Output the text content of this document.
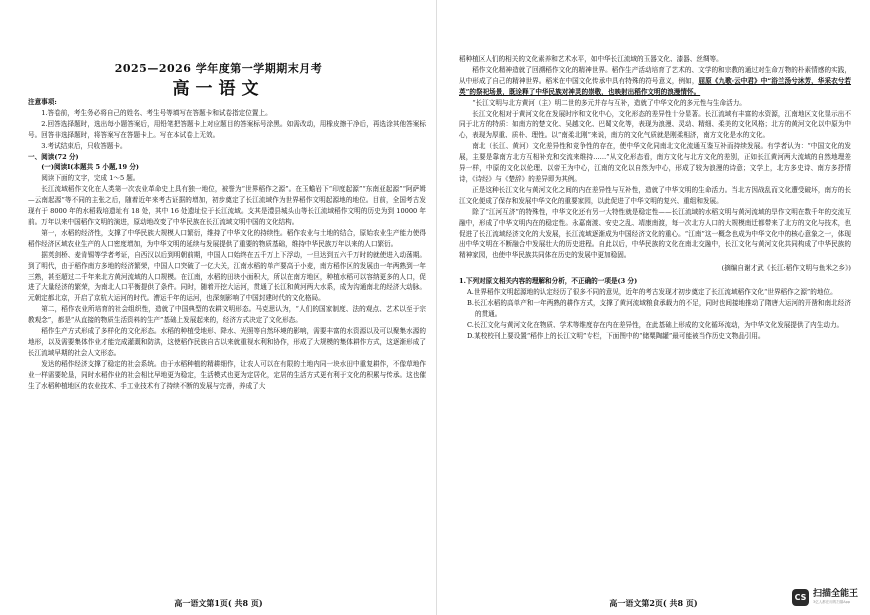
2025—2026 学年度第一学期期末月考
高一语文

注意事项:

1.答卷前，考生务必将自己的姓名、考生号等填写在答题卡和试卷指定位置上。

2.回答选择题时，选出每小题答案后，用铅笔把答题卡上对应题目的答案标号涂黑。如需改动，用橡皮擦干净后，再选涂其他答案标号。回答非选择题时，将答案写在答题卡上。写在本试卷上无效。

3.考试结束后，只收答题卡。

一、阅读(72 分)

(一)阅读Ⅰ(本题共 5 小题,19 分)

阅读下面的文字，完成 1～5 题。

长江流域稻作文化在人类第一次农业革命史上具有独一地位，被誉为“世界稻作之源”。在玉蟾岩下“印度起源”“东南亚起源”“阿萨姆—云南起源”等不同的主张之后，随着近年来考古证据的增加，初步奠定了长江流域作为世界稻作文明起源地的地位。目前，全国考古发现有于 8000 年的水稻栽培遗址有 18 处，其中 16 处遗址位于长江流域。支其是澧县城头山等长江流域稻作文明的历史为到 10000 年前。万年以来中国稻作文明的演进，原动地改变了中华民族在长江流域文明中国的文化结构。

第一，水稻的经济性，支撑了中华民族大规模人口繁衍，维持了中华文化的持续性。稻作农业与土地的结合，原始农业生产能力使得稻作经济区域农业生产的人口密度增加，为中华文明的延续与发展提供了重要的物质基础，维持中华民族万年以来的人口繁衍。

据英剑桥、麦肯锡等学者考证，自西汉以后到明朝前期，中国人口始终在五千万上下浮动，一旦达到五六千万时的就使进入动荡期。到了明代，由于稻作南方多地的经济繁荣，中国人口突破了一亿大关，江南水稻的单产要高于小麦，南方稻作区的发展由一年两熟到一年三熟，甚至超过二千年来北方黄河流域的人口规模。在江南，水稻的田块小面积大，所以在南方地区，种植水稻可以容纳更多的人口，促进了大量经济的繁荣，为南北人口平衡提供了条件。同时，随着开挖大运河，贯通了长江和黄河两大水系，成为沟通南北的经济大动脉。元朝定都北京，开启了京杭大运河的时代。漕运千年的运河，也深刻影响了中国封建时代的文化格局。

第二，稻作农业所培育的社会组织性，造就了中国典型的农耕文明形态。马克思认为，“人们的国家制度、法的观点、艺术以至于宗教观念”，都是“从直接的物质生活资料的生产”基础上发展起来的，经济方式决定了文化形态。

稻作生产方式形成了多样化的文化形态。水稻的种植受地形、降水、光照等自然环境的影响，需要丰富的水资源以及可以聚集水源的地形，以及需要集体作业才能完成灌溉和防洪，这使稻作民族自古以来就重视水利和协作，形成了大规模的集体耕作方式，这逐渐形成了长江流域早期的社会人文形态。

发达的稻作经济支撑了稳定的社会系统。由于水稻种植的精耕细作，让农人可以在有限的土地内同一块水田中重复耕作，不像草地作业一样需要轮垦，同时水稻作业的社会相比早地更为稳定，生活模式也更为定居化，定居的生活方式更有利于文化的积累与传承。这也催生了水稻种植地区的农业技术、手工业技术有了持续不断的发展与完善，养成了大

高一语文第1页( 共8 页)

稻种植区人们的相关的文化素养和艺术水平，如中华长江流域的玉器文化、漆器、丝绸等。

稻作文化精神造就了回溯稻作文化的精神世界。稻作生产活动培育了艺术的、文学的和宗教的通过对生命万物的朴素情感的实践，从中形成了自己的精神世界。稻米在中国文化传承中具有特殊的符号意义，例如，屈原《九歌·云中君》中“浴兰汤兮沐芳，华采衣兮若英”的祭祀场景，既诠释了中华民族对神灵的崇敬，也映射出稻作文明的浪漫情怀。

“长江文明与北方黄河（主）明二世的多元并存与互补，造就了中华文化的多元性与生命活力。

长江文化相对于黄河文化在发展时序和文化中心，文化形态的差异性十分显著。长江流域有丰富的水资源，江南地区文化显示出不同于北方的特质：如南方的楚文化、吴越文化、巴蜀文化等，表现为浪漫、灵动、精细、柔美的文化风格；北方的黄河文化以中原为中心，表现为厚重、质朴、理性。以“南柔北刚”来说，南方的文化气质就是刚柔相济，南方文化是水的文化。

南北（长江、黄河）文化差异性和竞争性的存在，使中华文化同南北文化流通互鉴互补而持续发展。有学者认为：“中国文化的发展，主要是靠南方北方互相补充和交流来维持……”从文化形态看，南方文化与北方文化的差别，正如长江黄河两大流域的自然地理差异一样，中原的文化以伦理、以帝王为中心，江南的文化以自然为中心，形成了较为浪漫的诗意；文学上，北方多史诗、南方多抒情诗，《诗经》与《楚辞》的差异即为其例。

正是这种长江文化与黄河文化之间的内在差异性与互补性，造就了中华文明的生命活力。当北方因战乱而文化遭受破坏，南方的长江文化便成了保存和发展中华文化的重要家园，以此促进了中华文明的复兴、重组和发展。

除了“江河互济”的特殊性，中华文化还有另一大特性就是稳定性——长江流域的水稻文明与黄河流域的旱作文明在数千年的交流互融中，形成了中华文明内在的稳定性。永嘉南渡、安史之乱、靖康南渡，每一次北方人口的大规模南迁都带来了北方的文化与技术，也促进了长江流域经济文化的大发展，长江流域逐渐成为中国经济文化的重心。“江南”这一概念也成为中华文化中的核心意象之一，体现出中华文明在不断融合中发展壮大的历史进程。自此以后，中华民族的文化在南北交融中，长江文化与黄河文化共同构成了中华民族的精神家园，也使中华民族共同体在历史的发展中更加稳固。

(摘编自谢才武《长江:稻作文明与鱼米之乡》)

1.下列对原文相关内容的理解和分析，不正确的一项是(3 分)

A.世界稻作文明起源地的认定经历了很多不同的意见，近年的考古发现才初步奠定了长江流域稻作文化“世界稻作之源”的地位。

B.长江水稻的高单产和一年两熟的耕作方式，支撑了黄河流域粮食承载力的不足，同时也间接地推动了隋唐大运河的开凿和南北经济的贯通。

C.长江文化与黄河文化在物质、学术等维度存在内在差异性，在此基础上形成的文化循环流动，为中华文化发展提供了内生动力。

D.某校校刊上要设置“稻作上的长江文明”专栏，下面图中的“储粟陶罐”最可能被当作历史文物品引用。

高一语文第2页( 共8 页)
CS 扫描全能王
3亿人都在用的扫描App
